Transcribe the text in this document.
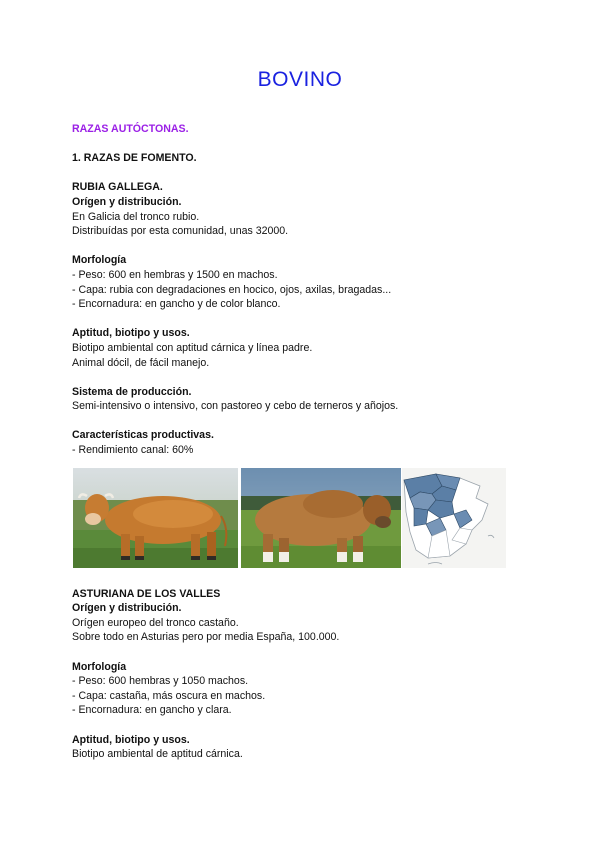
BOVINO
RAZAS AUTÓCTONAS.
1. RAZAS DE FOMENTO.
RUBIA GALLEGA.
Orígen y distribución.
En Galicia del tronco rubio.
Distribuídas por esta comunidad, unas 32000.
Morfología
- Peso: 600 en hembras y 1500 en machos.
- Capa: rubia con degradaciones en hocico, ojos, axilas, bragadas...
- Encornadura: en gancho y de color blanco.
Aptitud, biotipo y usos.
Biotipo ambiental con aptitud cárnica y línea padre.
Animal dócil, de fácil manejo.
Sistema de producción.
Semi-intensivo o intensivo, con pastoreo y cebo de terneros y añojos.
Características productivas.
- Rendimiento canal: 60%
ASTURIANA DE LOS VALLES
Orígen y distribución.
Orígen europeo del tronco castaño.
Sobre todo en Asturias pero por media España, 100.000.
Morfología
- Peso: 600 hembras y 1050 machos.
- Capa: castaña, más oscura en machos.
- Encornadura: en gancho y clara.
Aptitud, biotipo y usos.
Biotipo ambiental de aptitud cárnica.
